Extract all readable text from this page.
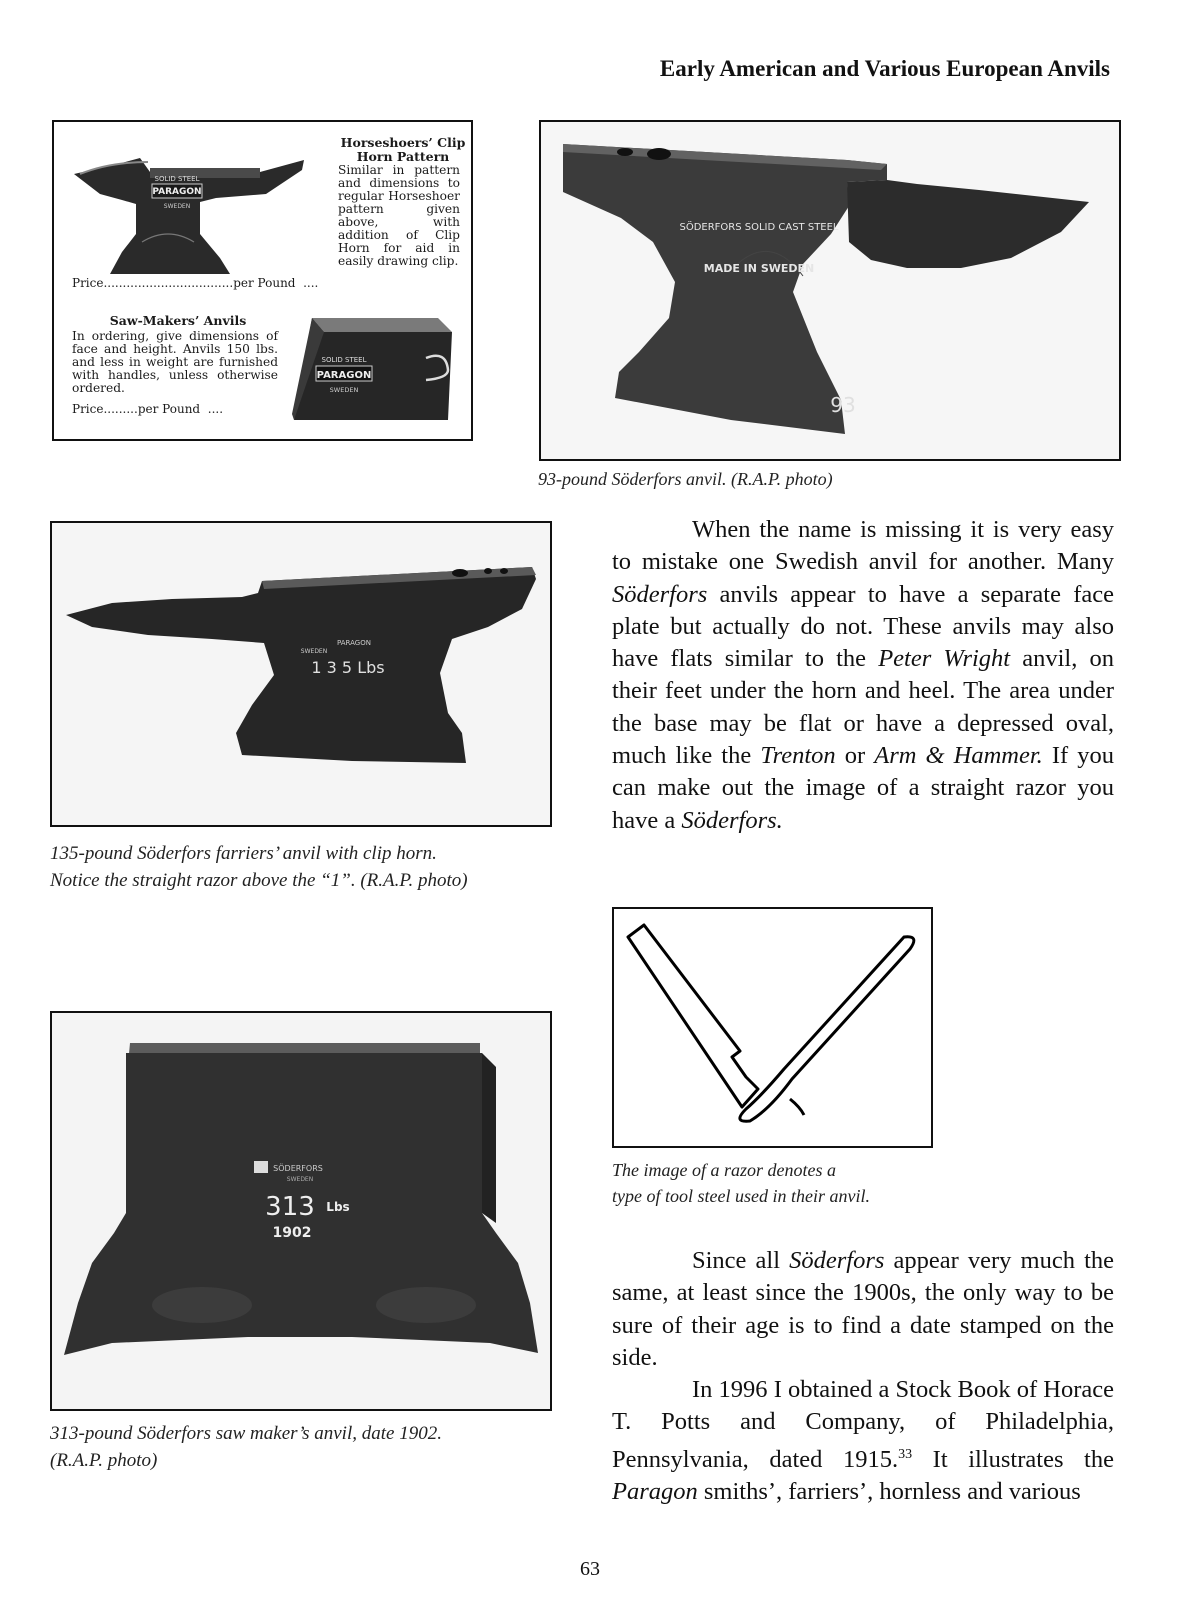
Early American and Various European Anvils
SOLID STEEL
PARAGON
SWEDEN
Horseshoers’ Clip
Horn Pattern
Similar in pattern and dimensions to regular Horseshoer pattern given above, with addition of Clip Horn for aid in easily drawing clip.
Price..................................per Pound  ....
Saw-Makers’ Anvils
In ordering, give dimensions of face and height. Anvils 150 lbs. and less in weight are furnished with handles, unless otherwise ordered.
Price.........per Pound  ....
SOLID STEEL
PARAGON
SWEDEN
SÖDERFORS SOLID CAST STEEL
MADE IN SWEDEN
93
93-pound Söderfors anvil. (R.A.P. photo)
SWEDEN
PARAGON
1 3 5 Lbs
135-pound Söderfors farriers’ anvil with clip horn.
Notice the straight razor above the “1”. (R.A.P. photo)

When the name is missing it is very easy to mistake one Swedish anvil for another. Many Söderfors anvils appear to have a separate face plate but actually do not. These anvils may also have flats similar to the Peter Wright anvil, on their feet under the horn and heel. The area under the base may be flat or have a depressed oval, much like the Trenton or Arm & Hammer. If you can make out the image of a straight razor you have a Söderfors.

The image of a razor denotes a
type of tool steel used in their anvil.
SÖDERFORS
SWEDEN
313 Lbs
1902
313-pound Söderfors saw maker’s anvil, date 1902.
(R.A.P. photo)

Since all Söderfors appear very much the same, at least since the 1900s, the only way to be sure of their age is to find a date stamped on the side.

In 1996 I obtained a Stock Book of Horace T. Potts and Company, of Philadelphia, Pennsylvania, dated 1915.33 It illustrates the Paragon smiths’, farriers’, hornless and various

63
